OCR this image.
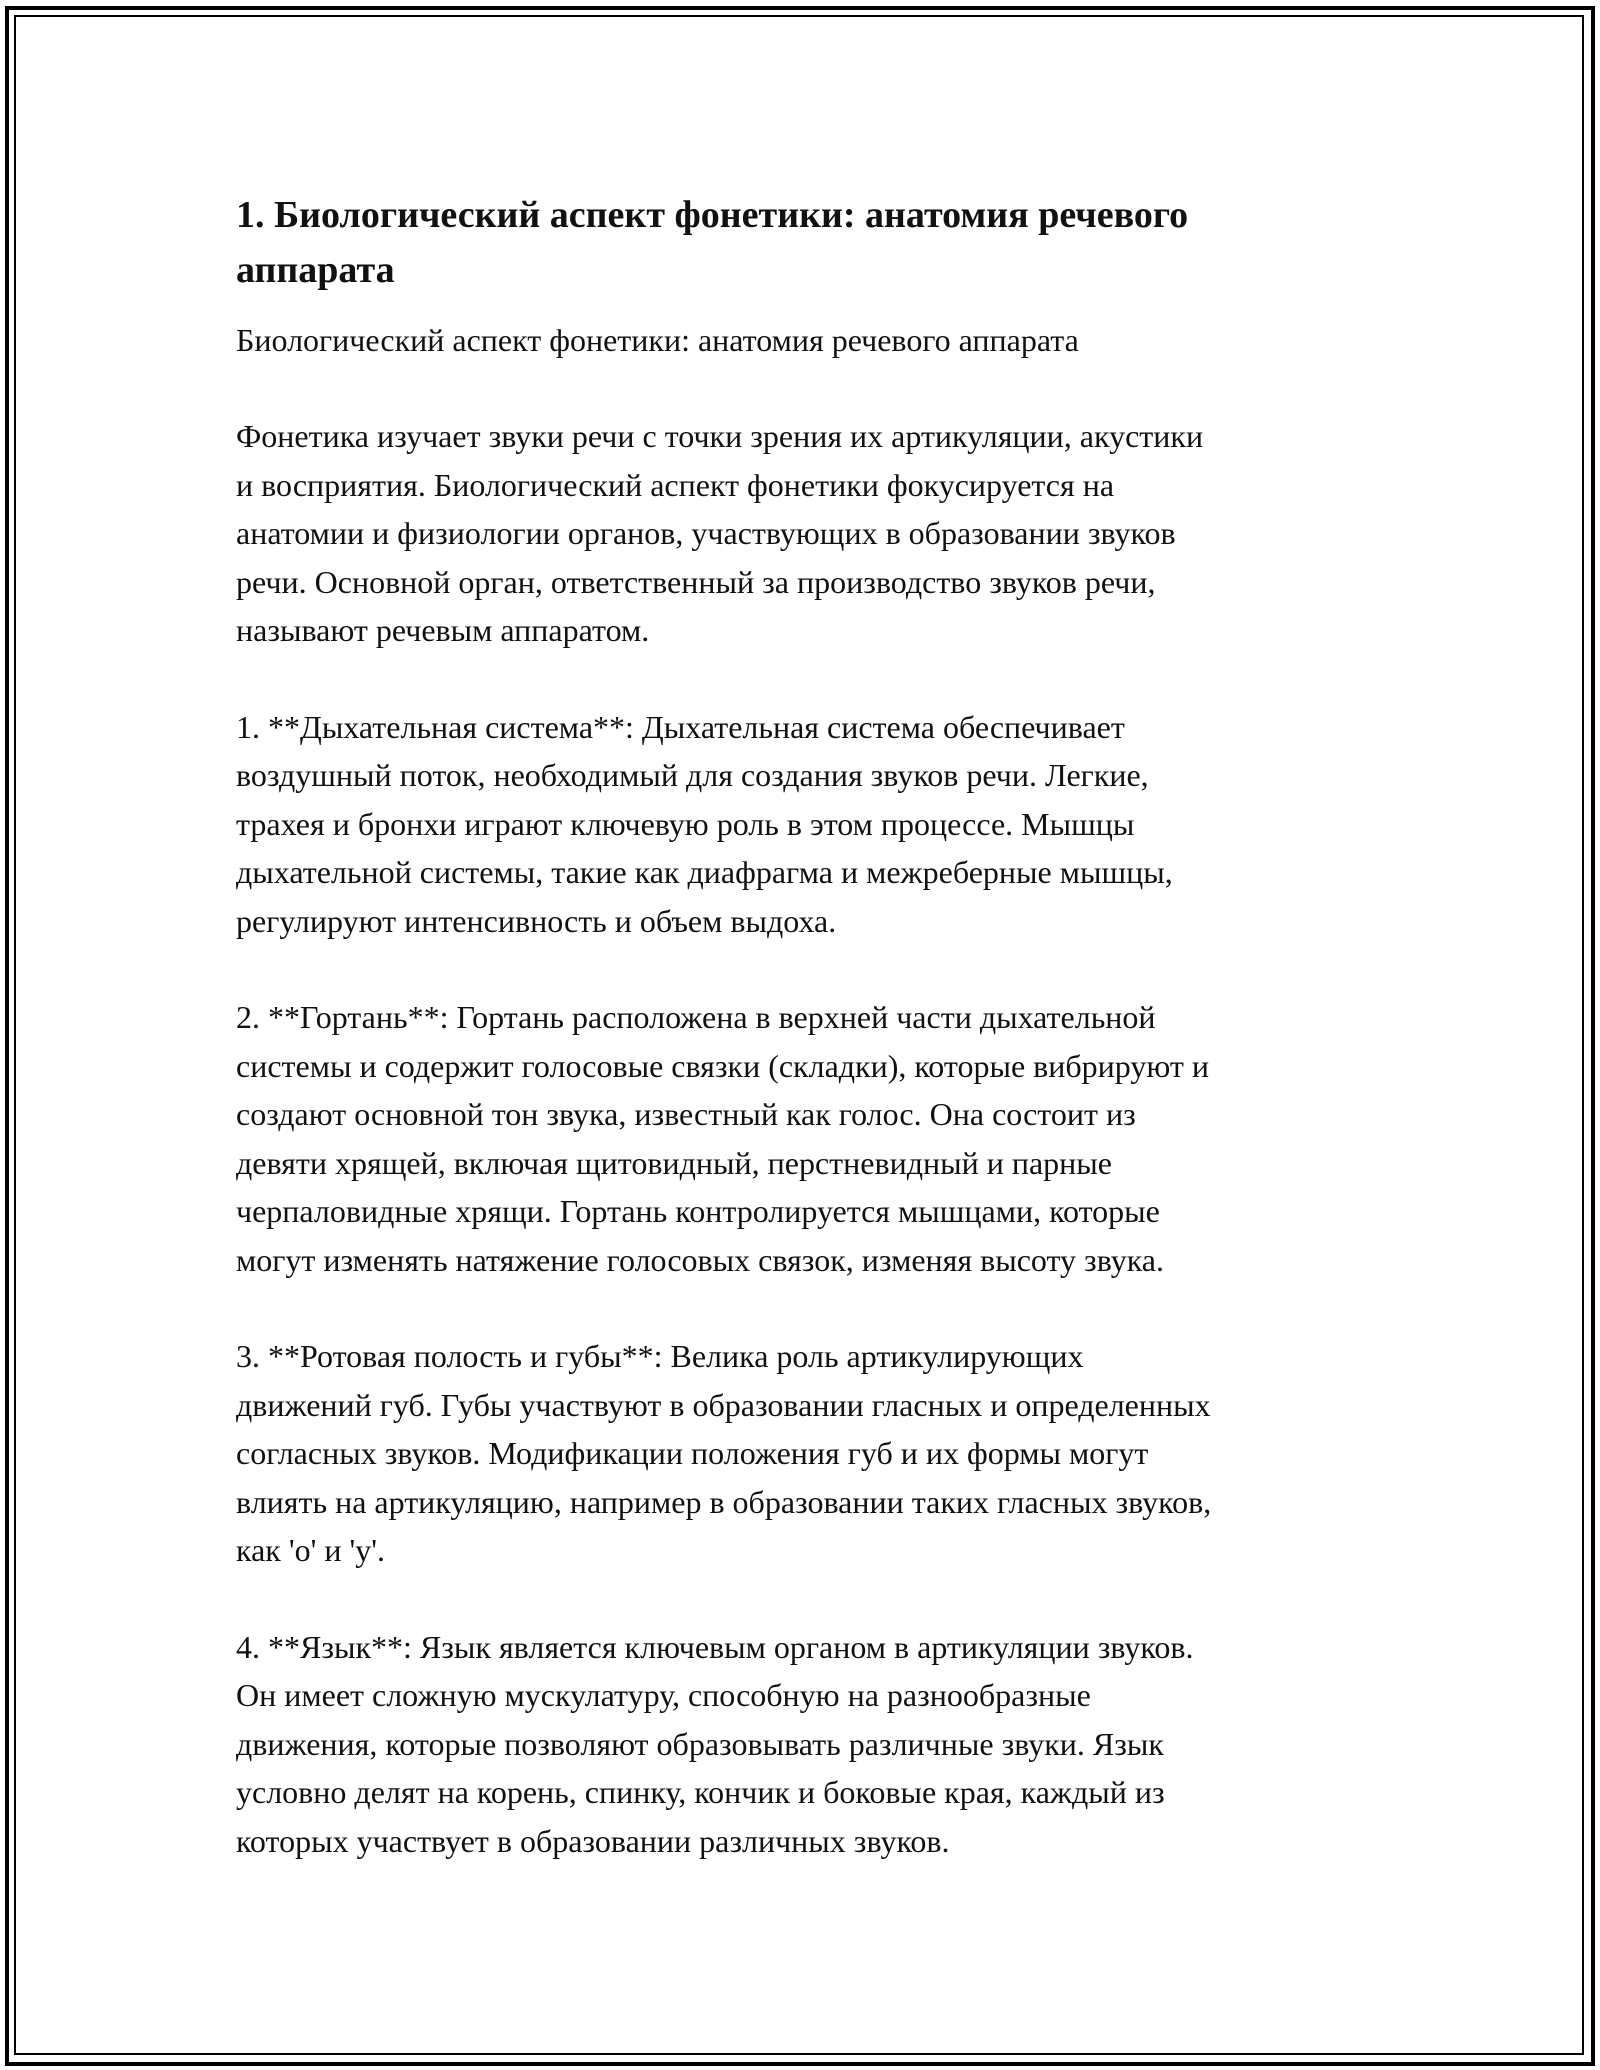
1. Биологический аспект фонетики: анатомия речевого
аппарата

Биологический аспект фонетики: анатомия речевого аппарата

Фонетика изучает звуки речи с точки зрения их артикуляции, акустики
и восприятия. Биологический аспект фонетики фокусируется на
анатомии и физиологии органов, участвующих в образовании звуков
речи. Основной орган, ответственный за производство звуков речи,
называют речевым аппаратом.

1. **Дыхательная система**: Дыхательная система обеспечивает
воздушный поток, необходимый для создания звуков речи. Легкие,
трахея и бронхи играют ключевую роль в этом процессе. Мышцы
дыхательной системы, такие как диафрагма и межреберные мышцы,
регулируют интенсивность и объем выдоха.

2. **Гортань**: Гортань расположена в верхней части дыхательной
системы и содержит голосовые связки (складки), которые вибрируют и
создают основной тон звука, известный как голос. Она состоит из
девяти хрящей, включая щитовидный, перстневидный и парные
черпаловидные хрящи. Гортань контролируется мышцами, которые
могут изменять натяжение голосовых связок, изменяя высоту звука.

3. **Ротовая полость и губы**: Велика роль артикулирующих
движений губ. Губы участвуют в образовании гласных и определенных
согласных звуков. Модификации положения губ и их формы могут
влиять на артикуляцию, например в образовании таких гласных звуков,
как 'о' и 'у'.

4. **Язык**: Язык является ключевым органом в артикуляции звуков.
Он имеет сложную мускулатуру, способную на разнообразные
движения, которые позволяют образовывать различные звуки. Язык
условно делят на корень, спинку, кончик и боковые края, каждый из
которых участвует в образовании различных звуков.
